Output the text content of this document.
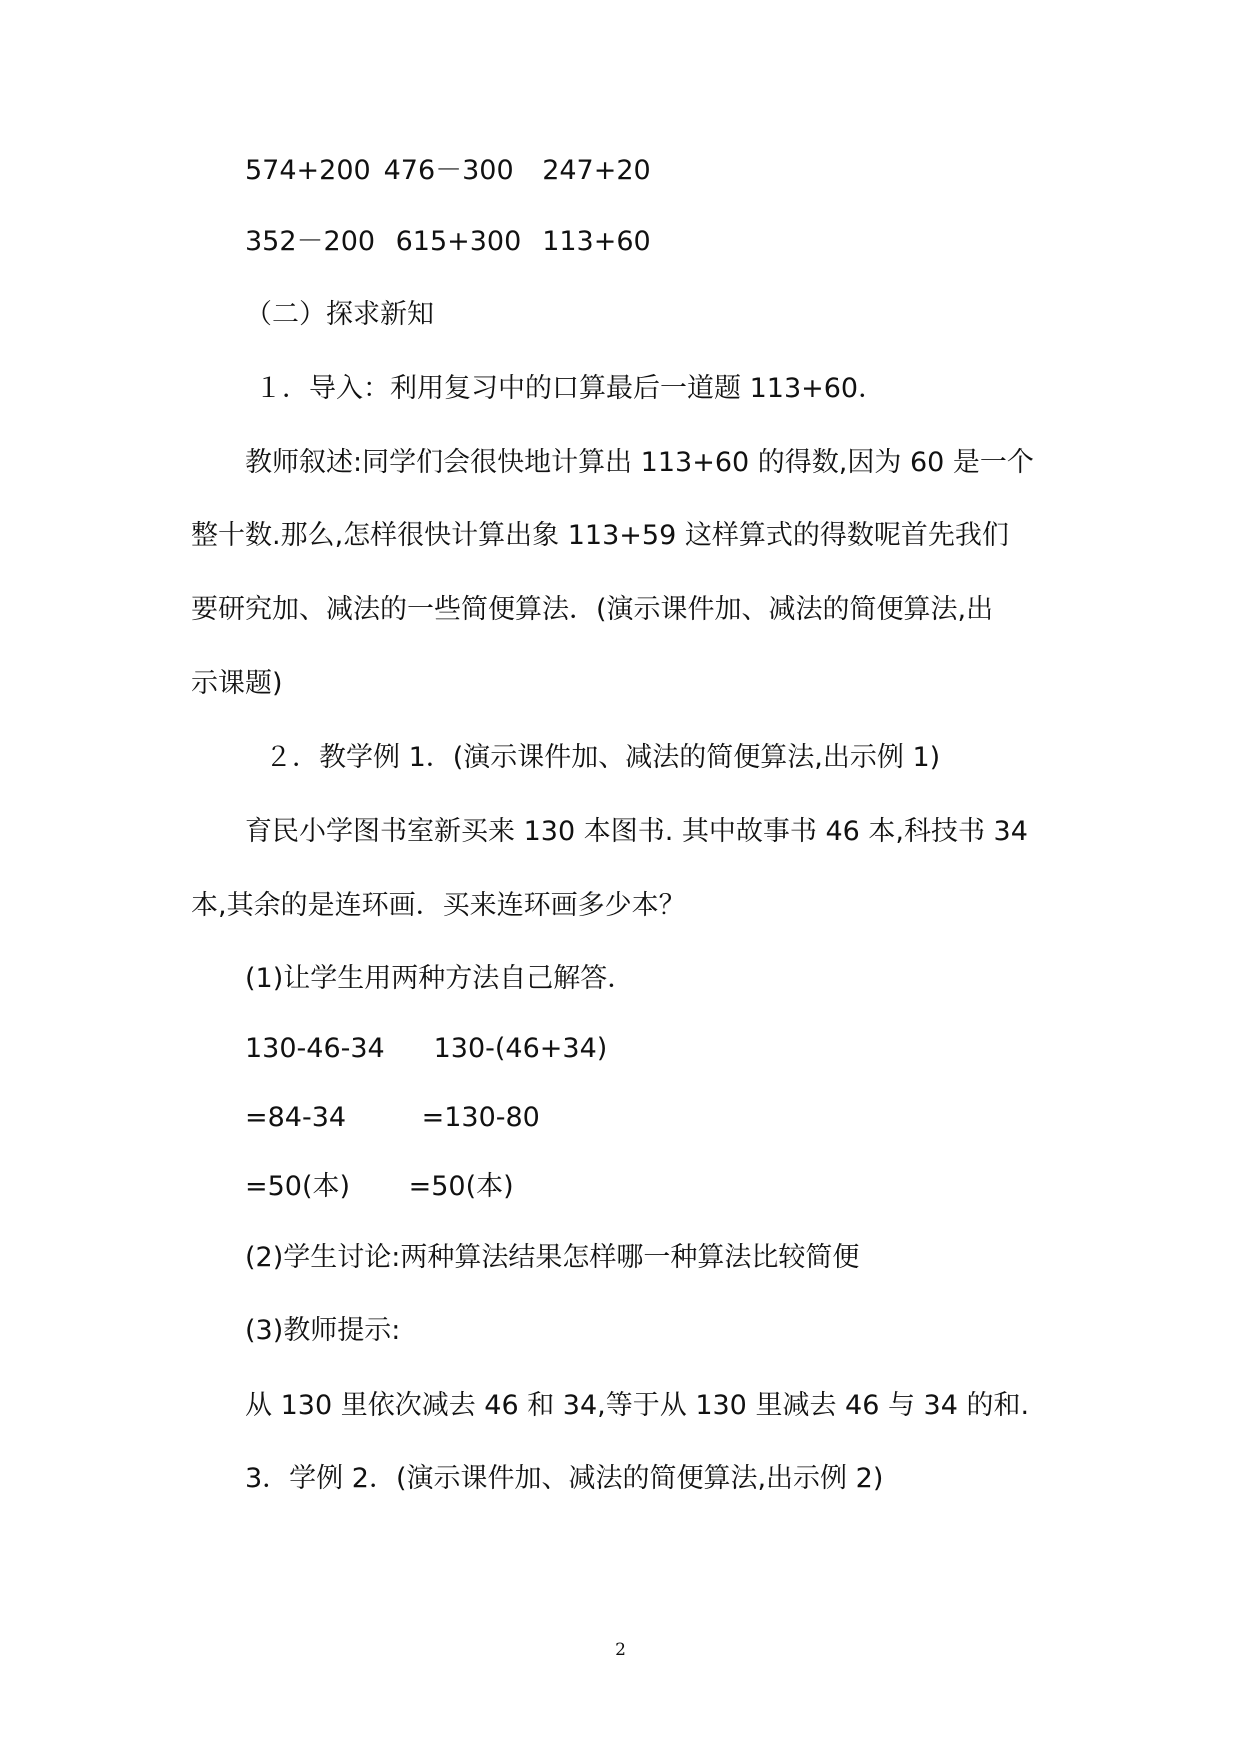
574+200 476－300 247+20

352－200 615+300 113+60

（二）探求新知

１．导入：利用复习中的口算最后一道题 113+60．

教师叙述:同学们会很快地计算出 113+60 的得数,因为 60 是一个

整十数.那么,怎样很快计算出象 113+59 这样算式的得数呢首先我们

要研究加、减法的一些简便算法．(演示课件加、减法的简便算法,出

示课题)

２．教学例 1．(演示课件加、减法的简便算法,出示例 1)

育民小学图书室新买来 130 本图书. 其中故事书 46 本,科技书 34

本,其余的是连环画．买来连环画多少本？

(1)让学生用两种方法自己解答．

130-46-34 130-(46+34)

=84-34	=130-80

=50(本) =50(本)

(2)学生讨论:两种算法结果怎样哪一种算法比较简便

(3)教师提示:

从 130 里依次减去 46 和 34,等于从 130 里减去 46 与 34 的和.

3．学例 2．(演示课件加、减法的简便算法,出示例 2)

2
